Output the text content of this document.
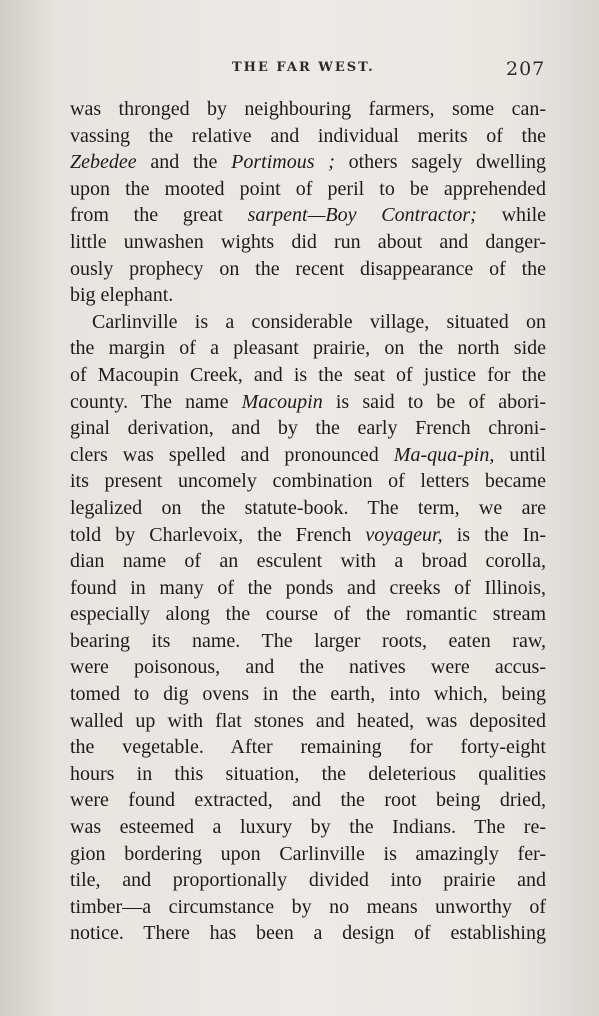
THE FAR WEST.	207
was thronged by neighbouring farmers, some can-
vassing the relative and individual merits of the
Zebedee and the Portimous ; others sagely dwelling
upon the mooted point of peril to be apprehended
from the great sarpent—Boy Contractor; while
little unwashen wights did run about and danger-
ously prophecy on the recent disappearance of the
big elephant.
Carlinville is a considerable village, situated on
the margin of a pleasant prairie, on the north side
of Macoupin Creek, and is the seat of justice for the
county. The name Macoupin is said to be of abori-
ginal derivation, and by the early French chroni-
clers was spelled and pronounced Ma-qua-pin, until
its present uncomely combination of letters became
legalized on the statute-book. The term, we are
told by Charlevoix, the French voyageur, is the In-
dian name of an esculent with a broad corolla,
found in many of the ponds and creeks of Illinois,
especially along the course of the romantic stream
bearing its name. The larger roots, eaten raw,
were poisonous, and the natives were accus-
tomed to dig ovens in the earth, into which, being
walled up with flat stones and heated, was deposited
the vegetable. After remaining for forty-eight
hours in this situation, the deleterious qualities
were found extracted, and the root being dried,
was esteemed a luxury by the Indians. The re-
gion bordering upon Carlinville is amazingly fer-
tile, and proportionally divided into prairie and
timber—a circumstance by no means unworthy of
notice. There has been a design of establishing
